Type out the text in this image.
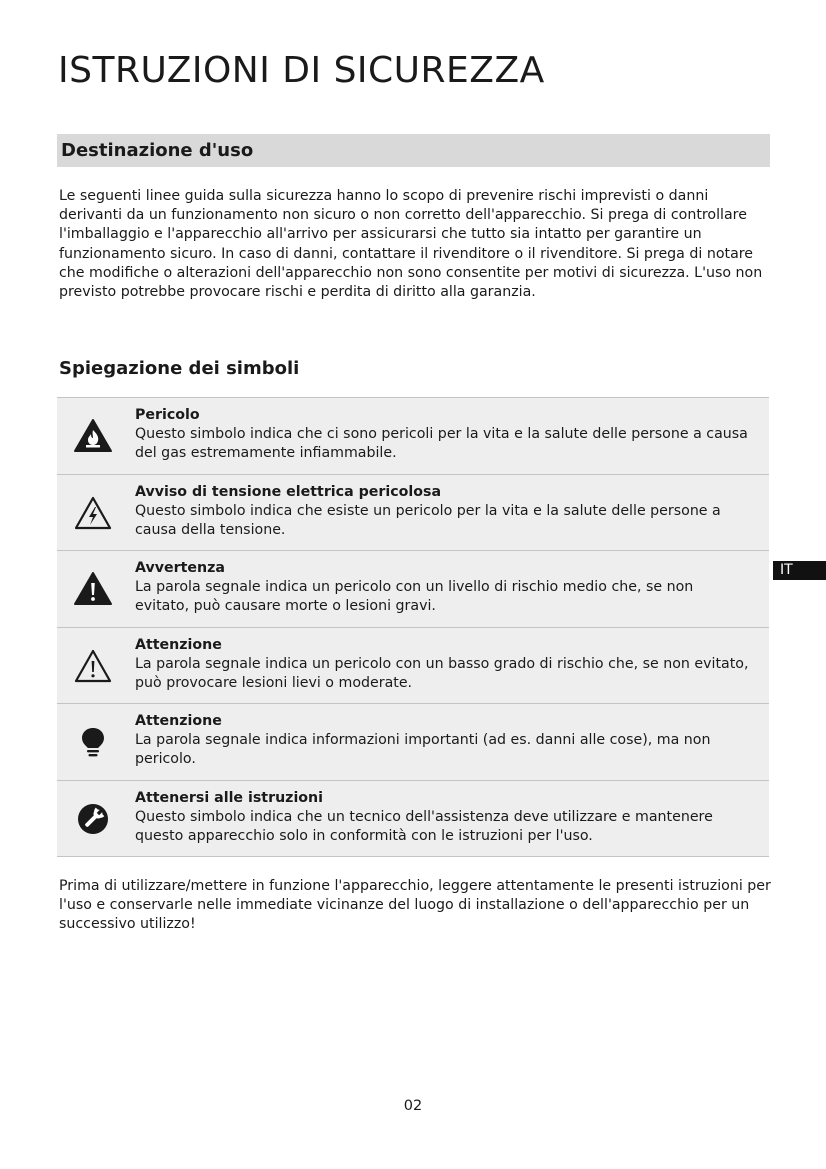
ISTRUZIONI DI SICUREZZA
Destinazione d'uso

Le seguenti linee guida sulla sicurezza hanno lo scopo di prevenire rischi imprevisti o danni derivanti da un funzionamento non sicuro o non corretto dell'apparecchio. Si prega di controllare l'imballaggio e l'apparecchio all'arrivo per assicurarsi che tutto sia intatto per garantire un funzionamento sicuro. In caso di danni, contattare il rivenditore o il rivenditore. Si prega di notare che modifiche o alterazioni dell'apparecchio non sono consentite per motivi di sicurezza. L'uso non previsto potrebbe provocare rischi e perdita di diritto alla garanzia.

Spiegazione dei simboli
Pericolo
Questo simbolo indica che ci sono pericoli per la vita e la salute delle persone a causa del gas estremamente infiammabile.
Avviso di tensione elettrica pericolosa
Questo simbolo indica che esiste un pericolo per la vita e la salute delle persone a causa della tensione.
Avvertenza
La parola segnale indica un pericolo con un livello di rischio medio che, se non evitato, può causare morte o lesioni gravi.
Attenzione
La parola segnale indica un pericolo con un basso grado di rischio che, se non evitato, può provocare lesioni lievi o moderate.
Attenzione
La parola segnale indica informazioni importanti (ad es. danni alle cose), ma non pericolo.
Attenersi alle istruzioni
Questo simbolo indica che un tecnico dell'assistenza deve utilizzare e mantenere questo apparecchio solo in conformità con le istruzioni per l'uso.

Prima di utilizzare/mettere in funzione l'apparecchio, leggere attentamente le presenti istruzioni per l'uso e conservarle nelle immediate vicinanze del luogo di installazione o dell'apparecchio per un successivo utilizzo!

IT
02
